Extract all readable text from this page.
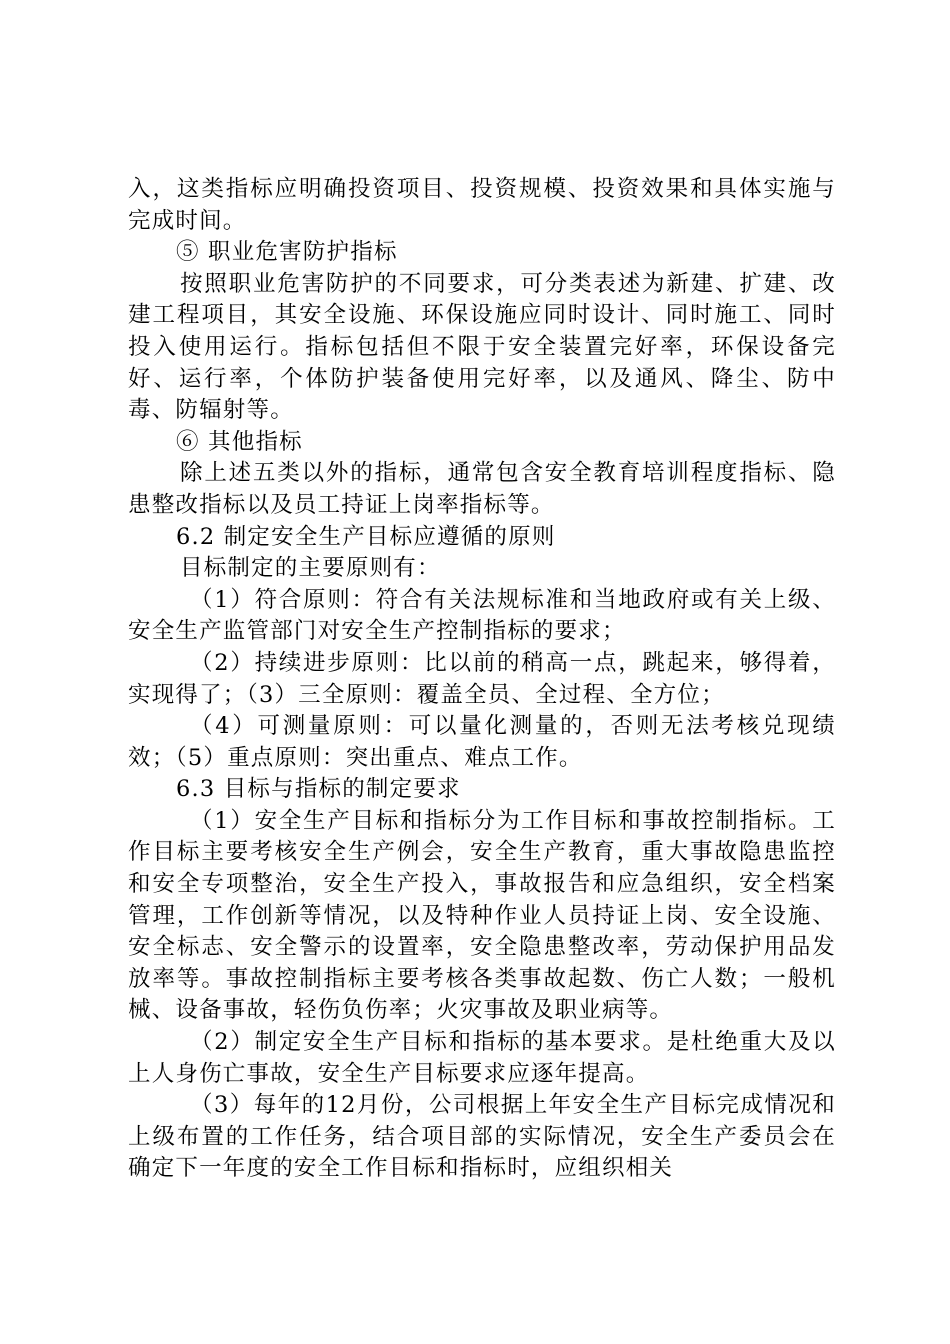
入，这类指标应明确投资项目、投资规模、投资效果和具体实施与完成时间。

⑤ 职业危害防护指标

按照职业危害防护的不同要求，可分类表述为新建、扩建、改建工程项目，其安全设施、环保设施应同时设计、同时施工、同时投入使用运行。指标包括但不限于安全装置完好率，环保设备完好、运行率，个体防护装备使用完好率，以及通风、降尘、防中毒、防辐射等。

⑥ 其他指标

除上述五类以外的指标，通常包含安全教育培训程度指标、隐患整改指标以及员工持证上岗率指标等。

6.2 制定安全生产目标应遵循的原则

目标制定的主要原则有：

（1）符合原则：符合有关法规标准和当地政府或有关上级、安全生产监管部门对安全生产控制指标的要求；

（2）持续进步原则：比以前的稍高一点，跳起来，够得着，实现得了；（3）三全原则：覆盖全员、全过程、全方位；

（4）可测量原则：可以量化测量的，否则无法考核兑现绩效；（5）重点原则：突出重点、难点工作。

6.3 目标与指标的制定要求

（1）安全生产目标和指标分为工作目标和事故控制指标。工作目标主要考核安全生产例会，安全生产教育，重大事故隐患监控和安全专项整治，安全生产投入，事故报告和应急组织，安全档案管理，工作创新等情况，以及特种作业人员持证上岗、安全设施、安全标志、安全警示的设置率，安全隐患整改率，劳动保护用品发放率等。事故控制指标主要考核各类事故起数、伤亡人数；一般机械、设备事故，轻伤负伤率；火灾事故及职业病等。

（2）制定安全生产目标和指标的基本要求。是杜绝重大及以上人身伤亡事故，安全生产目标要求应逐年提高。

（3）每年的12月份，公司根据上年安全生产目标完成情况和上级布置的工作任务，结合项目部的实际情况，安全生产委员会在确定下一年度的安全工作目标和指标时，应组织相关
